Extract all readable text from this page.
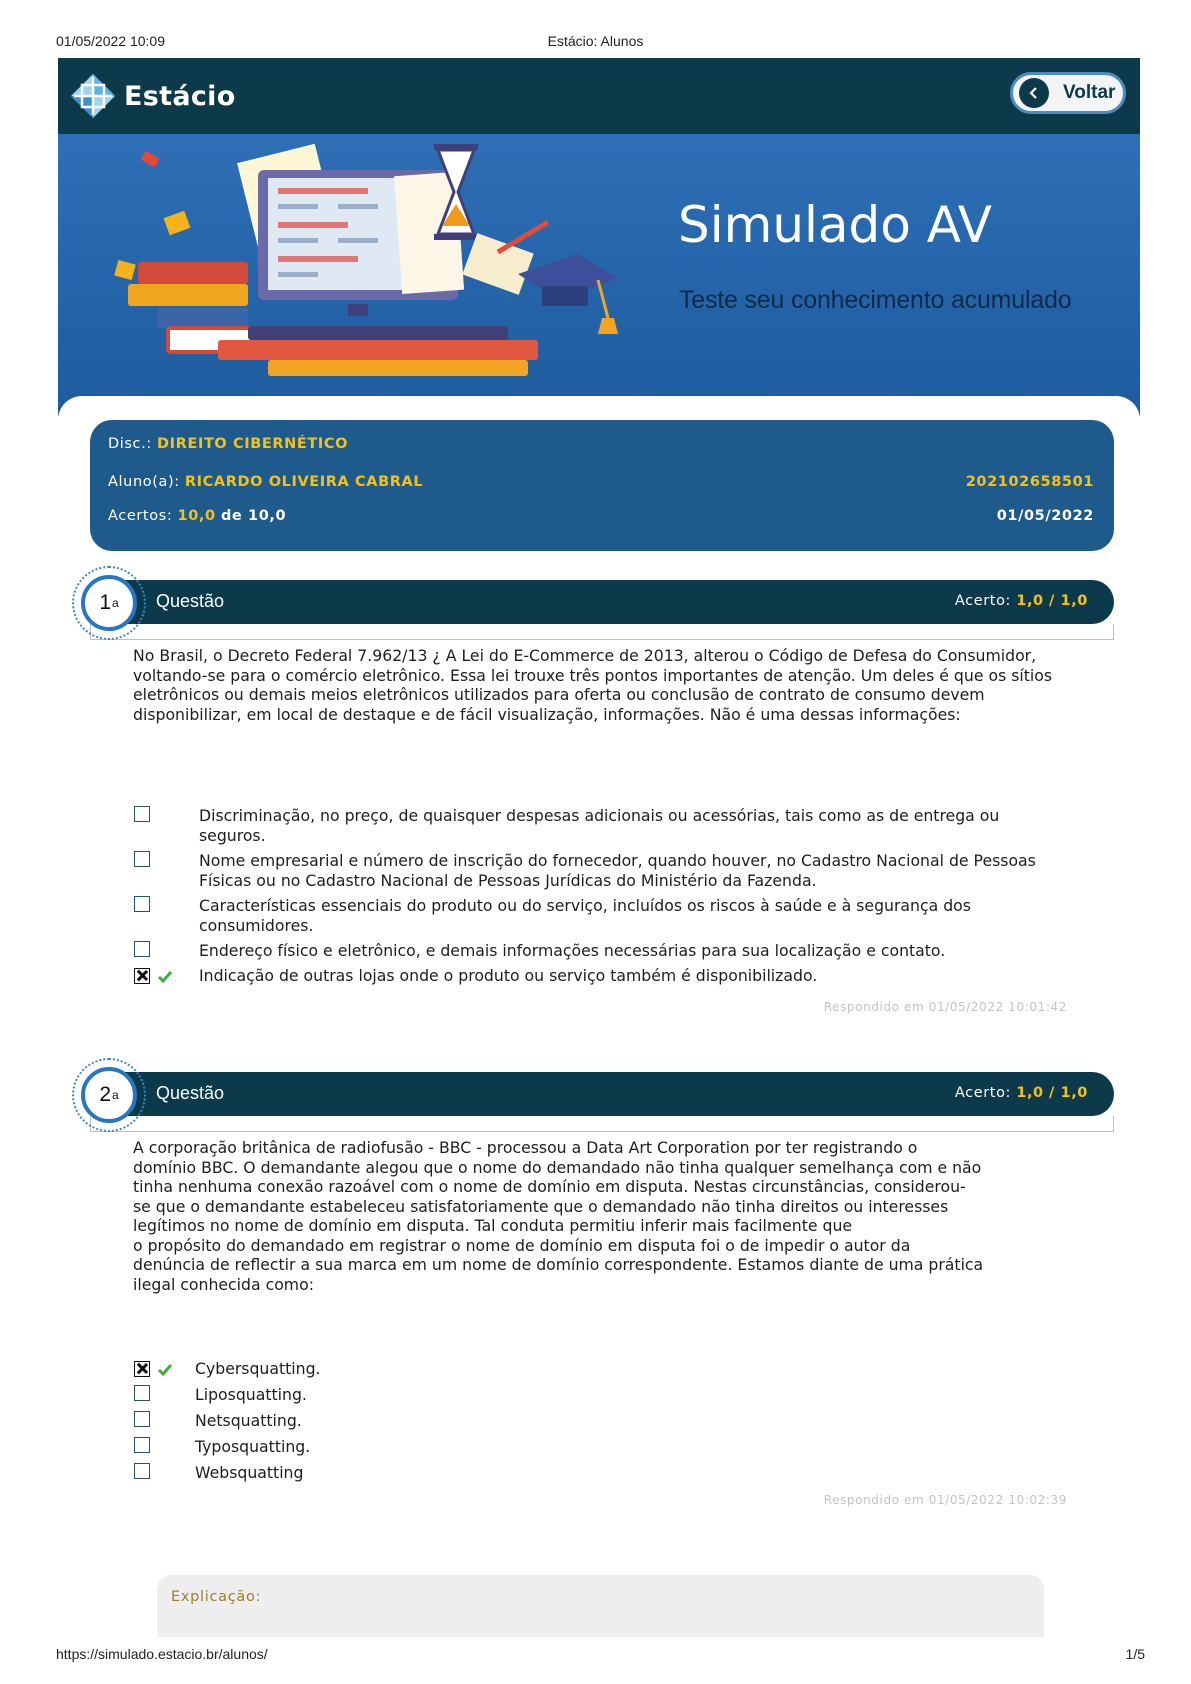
01/05/2022 10:09	Estácio: Alunos
Estácio	Voltar
Simulado AV
Teste seu conhecimento acumulado
Disc.: DIREITO CIBERNÉTICO
Aluno(a): RICARDO OLIVEIRA CABRAL	202102658501
Acertos: 10,0 de 10,0	01/05/2022
Questão	Acerto: 1,0 / 1,0
1 a
No Brasil, o Decreto Federal 7.962/13 ¿ A Lei do E-Commerce de 2013, alterou o Código de Defesa do Consumidor, voltando-se para o comércio eletrônico. Essa lei trouxe três pontos importantes de atenção. Um deles é que os sítios eletrônicos ou demais meios eletrônicos utilizados para oferta ou conclusão de contrato de consumo devem disponibilizar, em local de destaque e de fácil visualização, informações. Não é uma dessas informações:
Discriminação, no preço, de quaisquer despesas adicionais ou acessórias, tais como as de entrega ou seguros.
Nome empresarial e número de inscrição do fornecedor, quando houver, no Cadastro Nacional de Pessoas Físicas ou no Cadastro Nacional de Pessoas Jurídicas do Ministério da Fazenda.
Características essenciais do produto ou do serviço, incluídos os riscos à saúde e à segurança dos consumidores.
Endereço físico e eletrônico, e demais informações necessárias para sua localização e contato.
Indicação de outras lojas onde o produto ou serviço também é disponibilizado.
Respondido em 01/05/2022 10:01:42
Questão	Acerto: 1,0 / 1,0
2 a
A corporação britânica de radiofusão - BBC - processou a Data Art Corporation por ter registrando o
domínio BBC. O demandante alegou que o nome do demandado não tinha qualquer semelhança com e não
tinha nenhuma conexão razoável com o nome de domínio em disputa. Nestas circunstâncias, considerou-
se que o demandante estabeleceu satisfatoriamente que o demandado não tinha direitos ou interesses
legítimos no nome de domínio em disputa. Tal conduta permitiu inferir mais facilmente que
o propósito do demandado em registrar o nome de domínio em disputa foi o de impedir o autor da
denúncia de reflectir a sua marca em um nome de domínio correspondente. Estamos diante de uma prática
ilegal conhecida como:
Cybersquatting.
Liposquatting.
Netsquatting.
Typosquatting.
Websquatting
Respondido em 01/05/2022 10:02:39
Explicação:
https://simulado.estacio.br/alunos/	1/5
